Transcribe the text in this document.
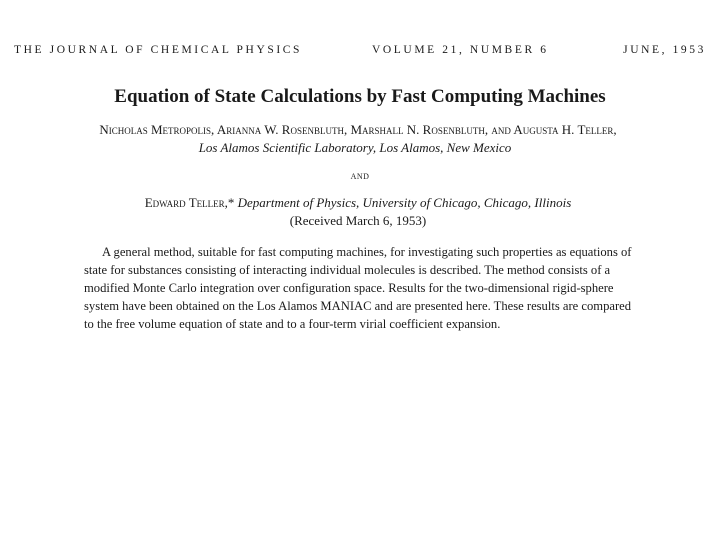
THE JOURNAL OF CHEMICAL PHYSICS	VOLUME 21, NUMBER 6	JUNE, 1953
Equation of State Calculations by Fast Computing Machines
Nicholas Metropolis, Arianna W. Rosenbluth, Marshall N. Rosenbluth, and Augusta H. Teller,
Los Alamos Scientific Laboratory, Los Alamos, New Mexico
and
Edward Teller,* Department of Physics, University of Chicago, Chicago, Illinois
(Received March 6, 1953)
A general method, suitable for fast computing machines, for investigating such properties as equations of
state for substances consisting of interacting individual molecules is described. The method consists of a
modified Monte Carlo integration over configuration space. Results for the two-dimensional rigid-sphere
system have been obtained on the Los Alamos MANIAC and are presented here. These results are compared
to the free volume equation of state and to a four-term virial coefficient expansion.
